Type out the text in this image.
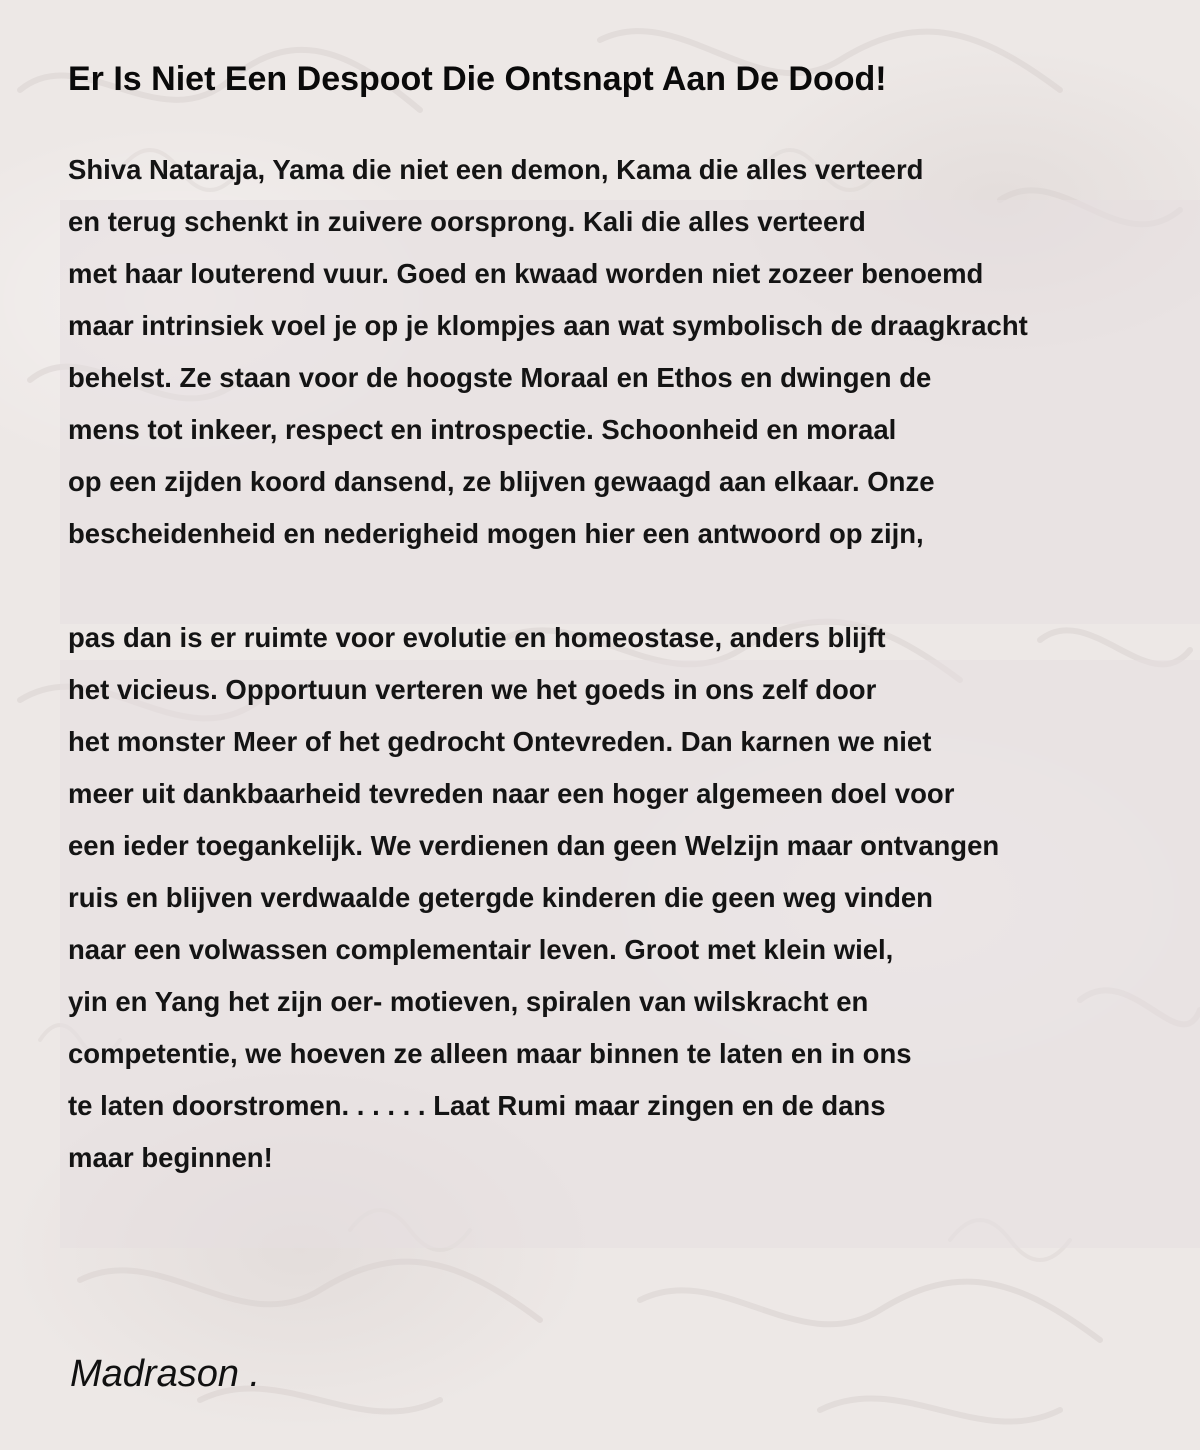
Er Is Niet Een Despoot Die Ontsnapt Aan De Dood!

Shiva Nataraja, Yama die niet een demon, Kama die alles verteerd
en terug schenkt in zuivere oorsprong. Kali die alles verteerd
met haar louterend vuur. Goed en kwaad worden niet zozeer benoemd
maar intrinsiek voel je op je klompjes aan wat symbolisch de draagkracht
behelst. Ze staan voor de hoogste Moraal en Ethos en dwingen de
mens tot inkeer, respect en introspectie. Schoonheid en moraal
op een zijden koord dansend, ze blijven gewaagd aan elkaar. Onze
bescheidenheid en nederigheid mogen hier een antwoord op zijn,

pas dan is er ruimte voor evolutie en homeostase, anders blijft
het vicieus. Opportuun verteren we het goeds in ons zelf door
het monster Meer of het gedrocht Ontevreden. Dan karnen we niet
meer uit dankbaarheid tevreden naar een hoger algemeen doel voor
een ieder toegankelijk. We verdienen dan geen Welzijn maar ontvangen
ruis en blijven verdwaalde getergde kinderen die geen weg vinden
naar een volwassen complementair leven. Groot met klein wiel,
yin en Yang het zijn oer- motieven, spiralen van wilskracht en
competentie, we hoeven ze alleen maar binnen te laten en in ons
te laten doorstromen. . . . . . Laat Rumi maar zingen en de dans
maar beginnen!

Madrason .
